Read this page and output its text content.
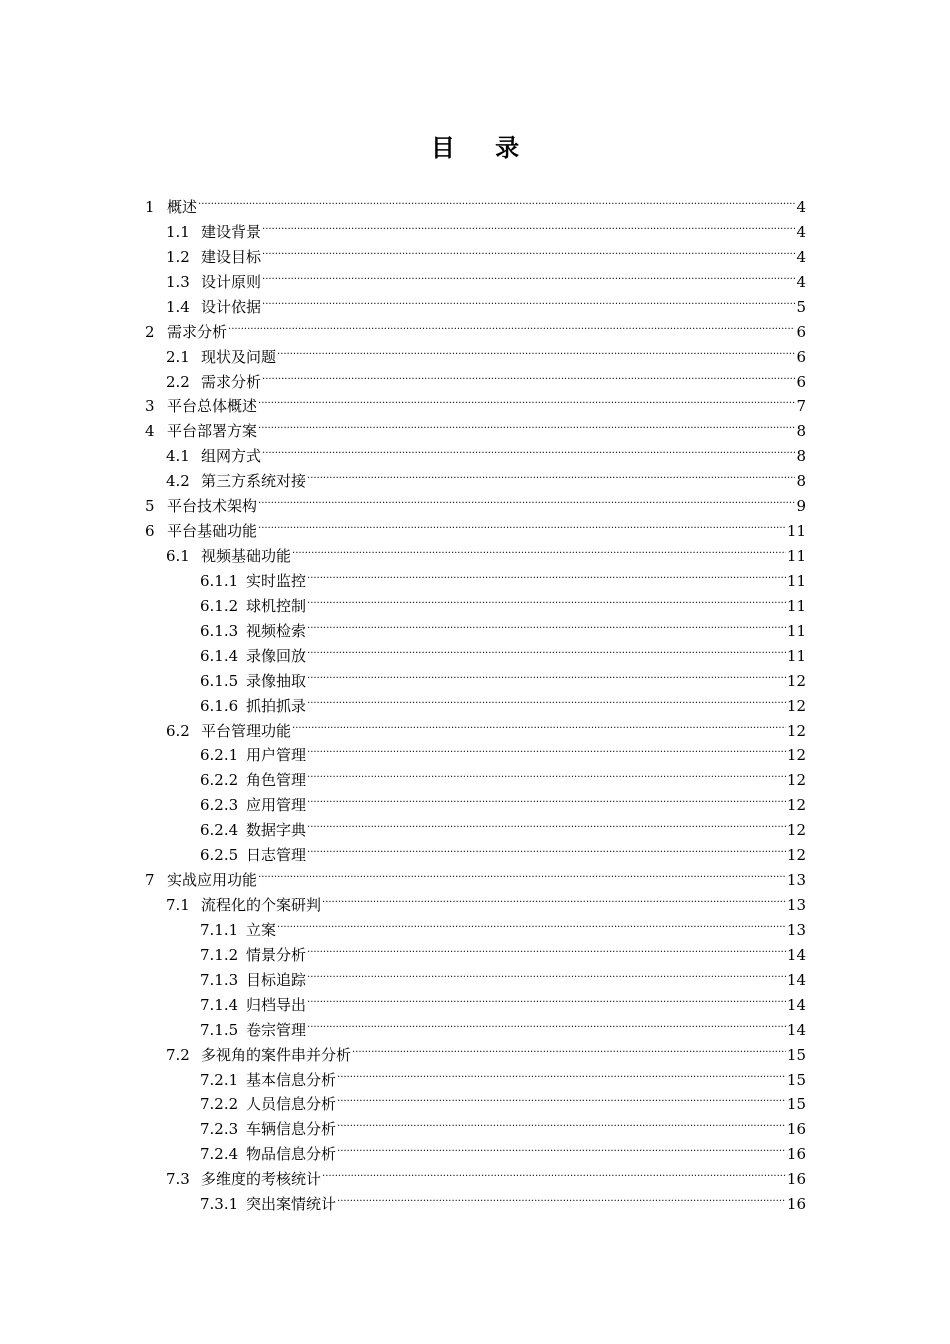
目 录
1 概述 .....	4
1.1 建设背景 .....	4
1.2 建设目标 .....	4
1.3 设计原则 .....	4
1.4 设计依据 .....	5
2 需求分析 .....	6
2.1 现状及问题 .....	6
2.2 需求分析 .....	6
3 平台总体概述 .....	7
4 平台部署方案 .....	8
4.1 组网方式 .....	8
4.2 第三方系统对接 .....	8
5 平台技术架构 .....	9
6 平台基础功能 .....	11
6.1 视频基础功能 .....	11
6.1.1 实时监控 .....	11
6.1.2 球机控制 .....	11
6.1.3 视频检索 .....	11
6.1.4 录像回放 .....	11
6.1.5 录像抽取 .....	12
6.1.6 抓拍抓录 .....	12
6.2 平台管理功能 .....	12
6.2.1 用户管理 .....	12
6.2.2 角色管理 .....	12
6.2.3 应用管理 .....	12
6.2.4 数据字典 .....	12
6.2.5 日志管理 .....	12
7 实战应用功能 .....	13
7.1 流程化的个案研判 .....	13
7.1.1 立案 .....	13
7.1.2 情景分析 .....	14
7.1.3 目标追踪 .....	14
7.1.4 归档导出 .....	14
7.1.5 卷宗管理 .....	14
7.2 多视角的案件串并分析 .....	15
7.2.1 基本信息分析 .....	15
7.2.2 人员信息分析 .....	15
7.2.3 车辆信息分析 .....	16
7.2.4 物品信息分析 .....	16
7.3 多维度的考核统计 .....	16
7.3.1 突出案情统计 .....	16
